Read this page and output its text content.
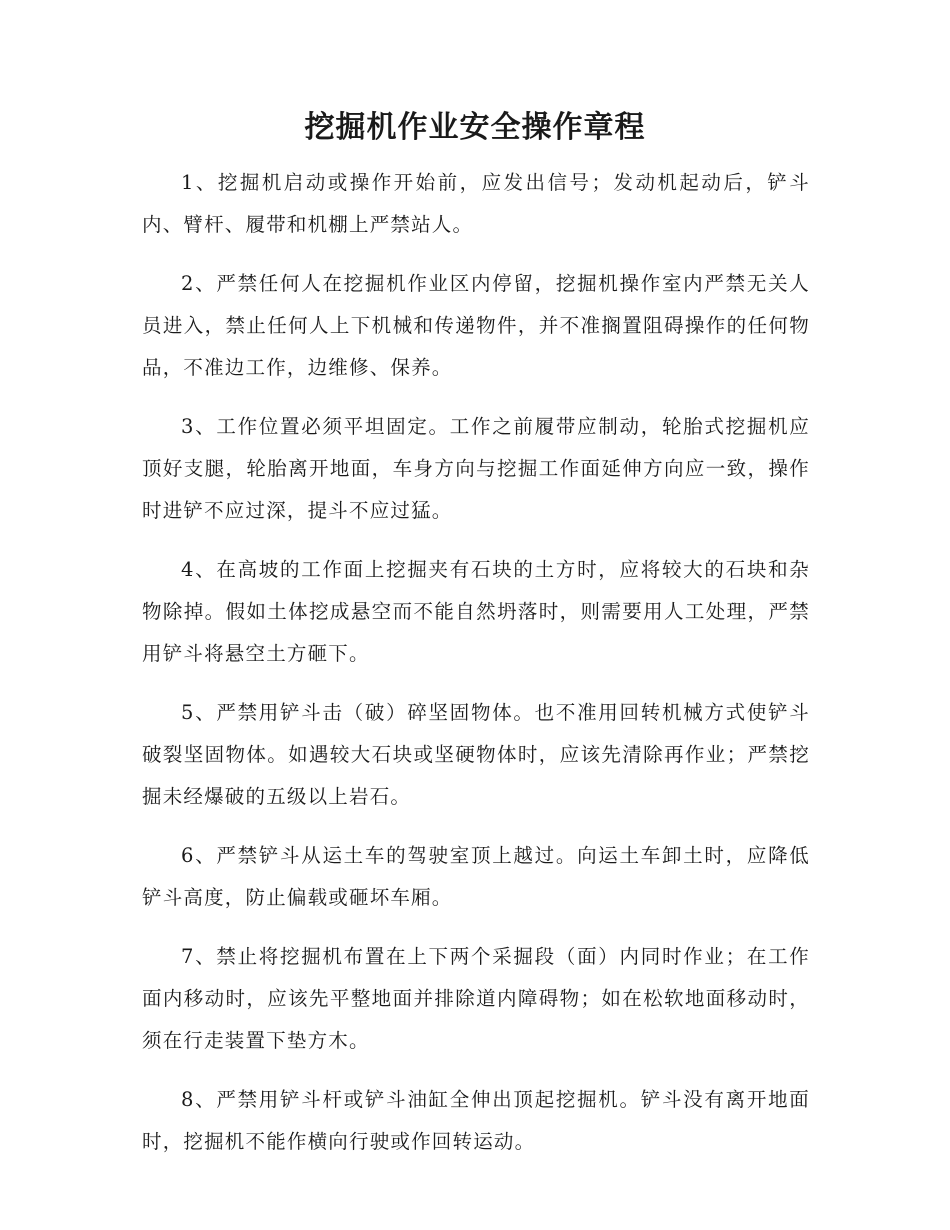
挖掘机作业安全操作章程

1、挖掘机启动或操作开始前，应发出信号；发动机起动后，铲斗内、臂杆、履带和机棚上严禁站人。

2、严禁任何人在挖掘机作业区内停留，挖掘机操作室内严禁无关人员进入，禁止任何人上下机械和传递物件，并不准搁置阻碍操作的任何物品，不准边工作，边维修、保养。

3、工作位置必须平坦固定。工作之前履带应制动，轮胎式挖掘机应顶好支腿，轮胎离开地面，车身方向与挖掘工作面延伸方向应一致，操作时进铲不应过深，提斗不应过猛。

4、在高坡的工作面上挖掘夹有石块的土方时，应将较大的石块和杂物除掉。假如土体挖成悬空而不能自然坍落时，则需要用人工处理，严禁用铲斗将悬空土方砸下。

5、严禁用铲斗击（破）碎坚固物体。也不准用回转机械方式使铲斗破裂坚固物体。如遇较大石块或坚硬物体时，应该先清除再作业；严禁挖掘未经爆破的五级以上岩石。

6、严禁铲斗从运土车的驾驶室顶上越过。向运土车卸土时，应降低铲斗高度，防止偏载或砸坏车厢。

7、禁止将挖掘机布置在上下两个采掘段（面）内同时作业；在工作面内移动时，应该先平整地面并排除道内障碍物；如在松软地面移动时，须在行走装置下垫方木。

8、严禁用铲斗杆或铲斗油缸全伸出顶起挖掘机。铲斗没有离开地面时，挖掘机不能作横向行驶或作回转运动。
